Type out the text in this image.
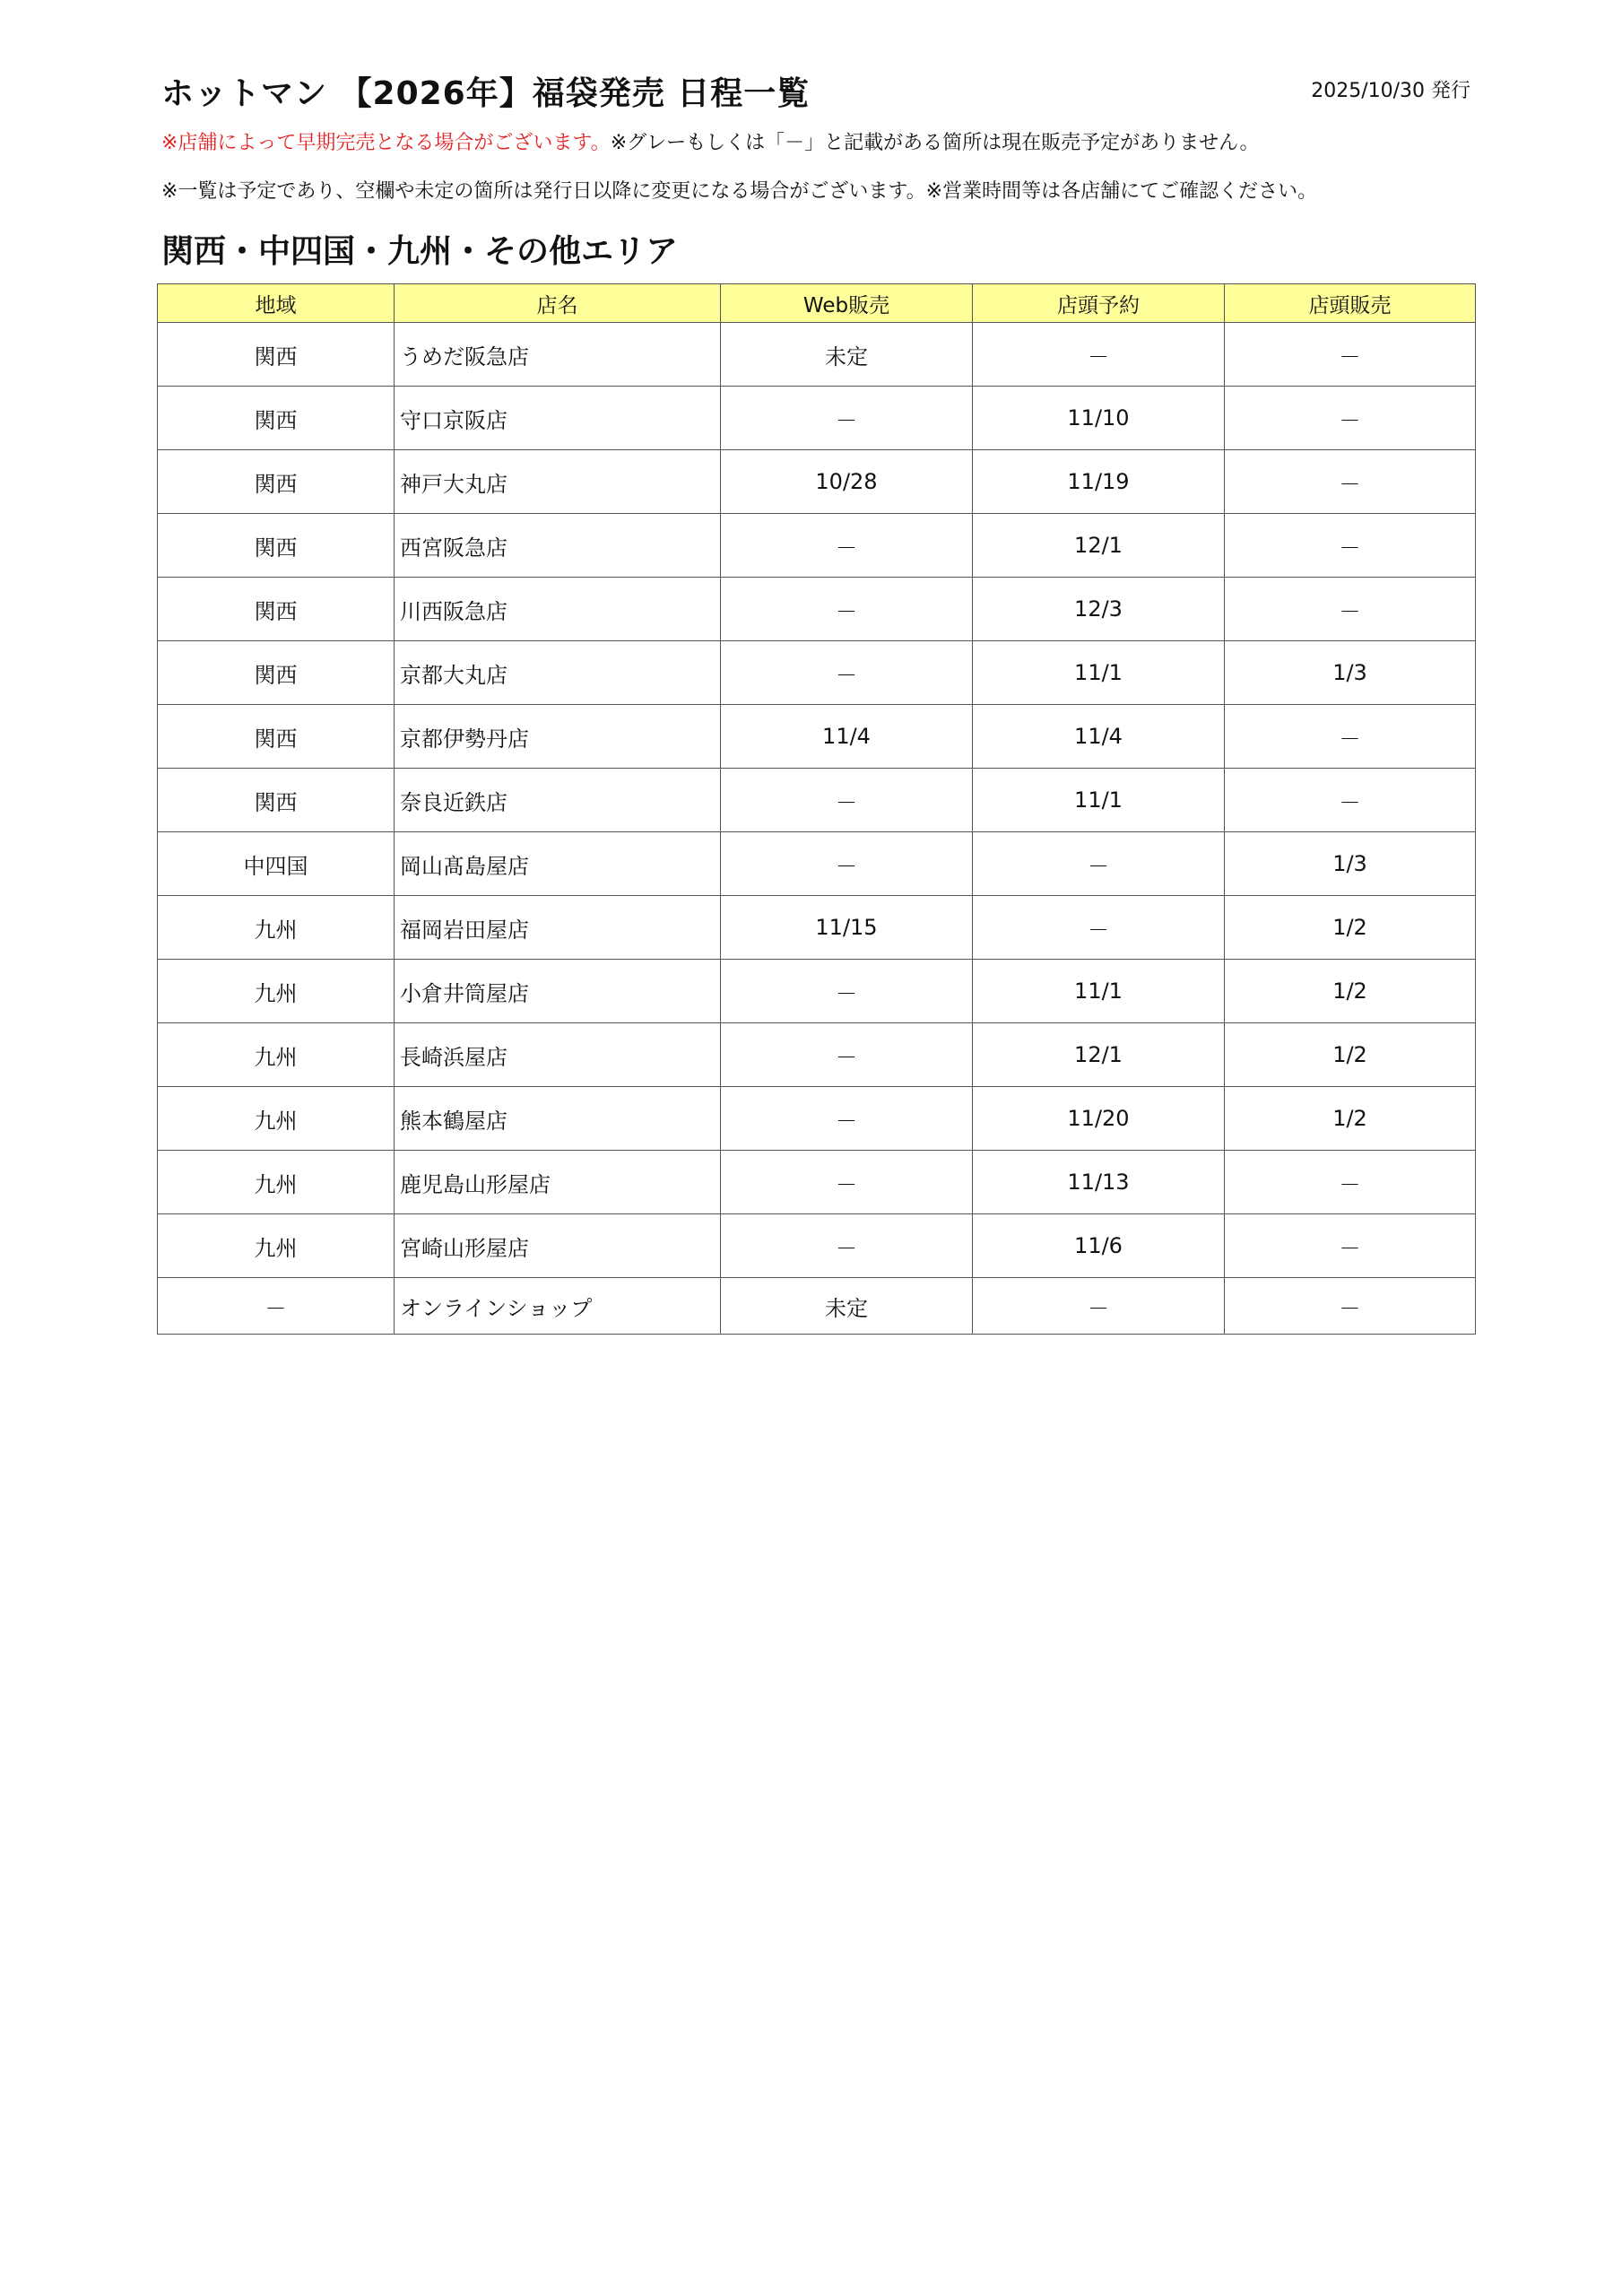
ホットマン 【2026年】福袋発売 日程一覧	2025/10/30 発行
※店舗によって早期完売となる場合がございます。※グレーもしくは「－」と記載がある箇所は現在販売予定がありません。
※一覧は予定であり、空欄や未定の箇所は発行日以降に変更になる場合がございます。※営業時間等は各店舗にてご確認ください。
関西・中四国・九州・その他エリア
地域	店名	Web販売	店頭予約	店頭販売
関西	うめだ阪急店	未定	－	－
関西	守口京阪店	－	11/10	－
関西	神戸大丸店	10/28	11/19	－
関西	西宮阪急店	－	12/1	－
関西	川西阪急店	－	12/3	－
関西	京都大丸店	－	11/1	1/3
関西	京都伊勢丹店	11/4	11/4	－
関西	奈良近鉄店	－	11/1	－
中四国	岡山髙島屋店	－	－	1/3
九州	福岡岩田屋店	11/15	－	1/2
九州	小倉井筒屋店	－	11/1	1/2
九州	長崎浜屋店	－	12/1	1/2
九州	熊本鶴屋店	－	11/20	1/2
九州	鹿児島山形屋店	－	11/13	－
九州	宮崎山形屋店	－	11/6	－
－	オンラインショップ	未定	－	－
